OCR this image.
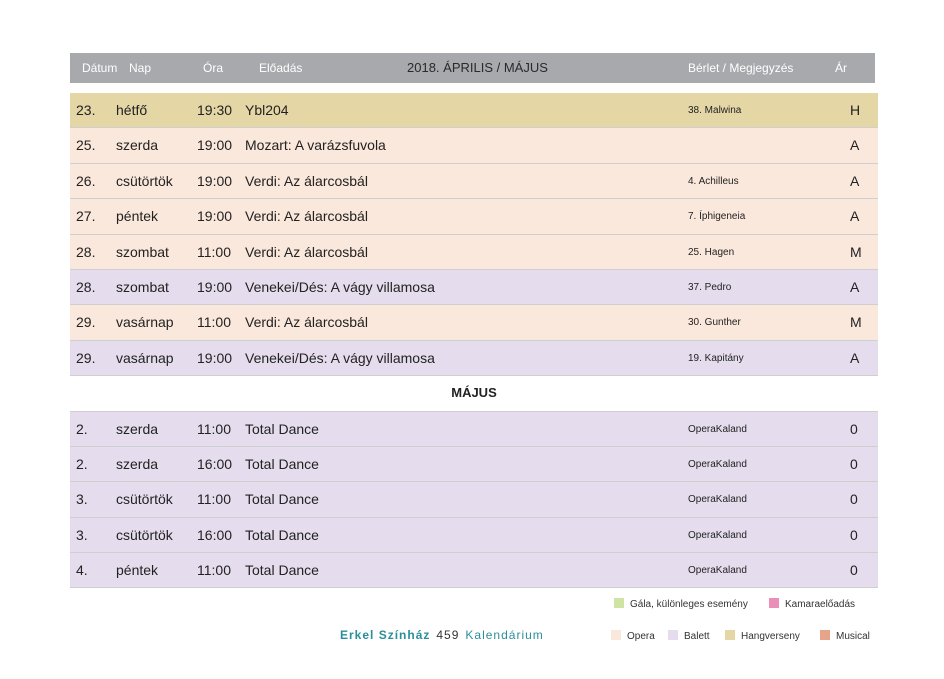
Dátum Nap	Óra	Előadás	2018. ÁPRILIS / MÁJUS	Bérlet / Megjegyzés	Ár
23. hétfő	19:30 Ybl204	38. Malwina	H
25. szerda	19:00 Mozart: A varázsfuvola	A
26. csütörtök 19:00 Verdi: Az álarcosbál	4. Achilleus	A
27. péntek	19:00 Verdi: Az álarcosbál	7. Íphigeneia	A
28. szombat 11:00 Verdi: Az álarcosbál	25. Hagen	M
28. szombat 19:00 Venekei/Dés: A vágy villamosa	37. Pedro	A
29. vasárnap 11:00 Verdi: Az álarcosbál	30. Gunther	M
29. vasárnap 19:00 Venekei/Dés: A vágy villamosa	19. Kapitány	A
MÁJUS
2. szerda	11:00 Total Dance	OperaKaland	0
2. szerda	16:00 Total Dance	OperaKaland	0
3. csütörtök 11:00 Total Dance	OperaKaland	0
3. csütörtök 16:00 Total Dance	OperaKaland	0
4. péntek	11:00 Total Dance	OperaKaland	0
Gála, különleges esemény	Kamaraelőadás
Opera	Balett	Hangverseny	Musical
Erkel Színház 459 Kalendárium
